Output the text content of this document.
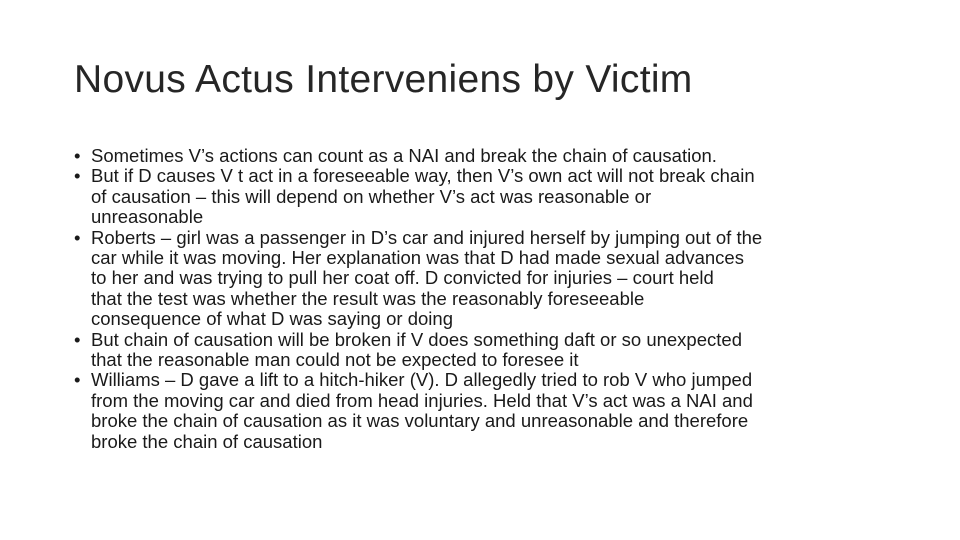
Novus Actus Interveniens by Victim
• Sometimes V’s actions can count as a NAI and break the chain of causation.
• But if D causes V t act in a foreseeable way, then V’s own act will not break chain
of causation – this will depend on whether V’s act was reasonable or
unreasonable
• Roberts – girl was a passenger in D’s car and injured herself by jumping out of the
car while it was moving. Her explanation was that D had made sexual advances
to her and was trying to pull her coat off. D convicted for injuries – court held
that the test was whether the result was the reasonably foreseeable
consequence of what D was saying or doing
• But chain of causation will be broken if V does something daft or so unexpected
that the reasonable man could not be expected to foresee it
• Williams – D gave a lift to a hitch-hiker (V). D allegedly tried to rob V who jumped
from the moving car and died from head injuries. Held that V’s act was a NAI and
broke the chain of causation as it was voluntary and unreasonable and therefore
broke the chain of causation
